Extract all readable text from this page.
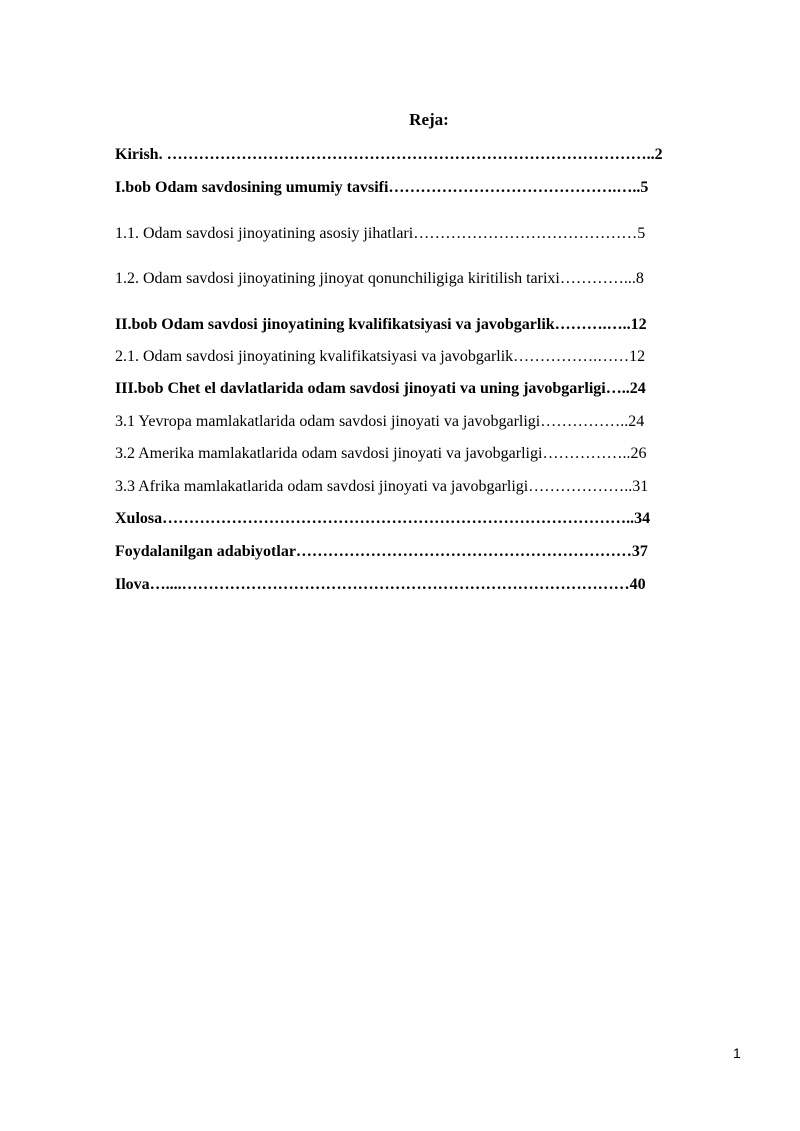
Reja:
Kirish. ………………………………………………………………………………..2
I.bob Odam savdosining umumiy tavsifi…………………………………….…..5
1.1. Odam savdosi jinoyatining asosiy jihatlari……………………………………5
1.2. Odam savdosi jinoyatining jinoyat qonunchiligiga kiritilish tarixi…………...8
II.bob Odam savdosi jinoyatining kvalifikatsiyasi va javobgarlik……….…..12
2.1. Odam savdosi jinoyatining kvalifikatsiyasi va javobgarlik…………….……12
III.bob Chet el davlatlarida odam savdosi jinoyati va uning javobgarligi…..24
3.1 Yevropa mamlakatlarida odam savdosi jinoyati va javobgarligi……………..24
3.2 Amerika mamlakatlarida odam savdosi jinoyati va javobgarligi……………..26
3.3 Afrika mamlakatlarida odam savdosi jinoyati va javobgarligi………………..31
Xulosa……………………………………………………………………………..34
Foydalanilgan adabiyotlar………………………………………………………37
Ilova…....…………………………………………………………………………40
1
